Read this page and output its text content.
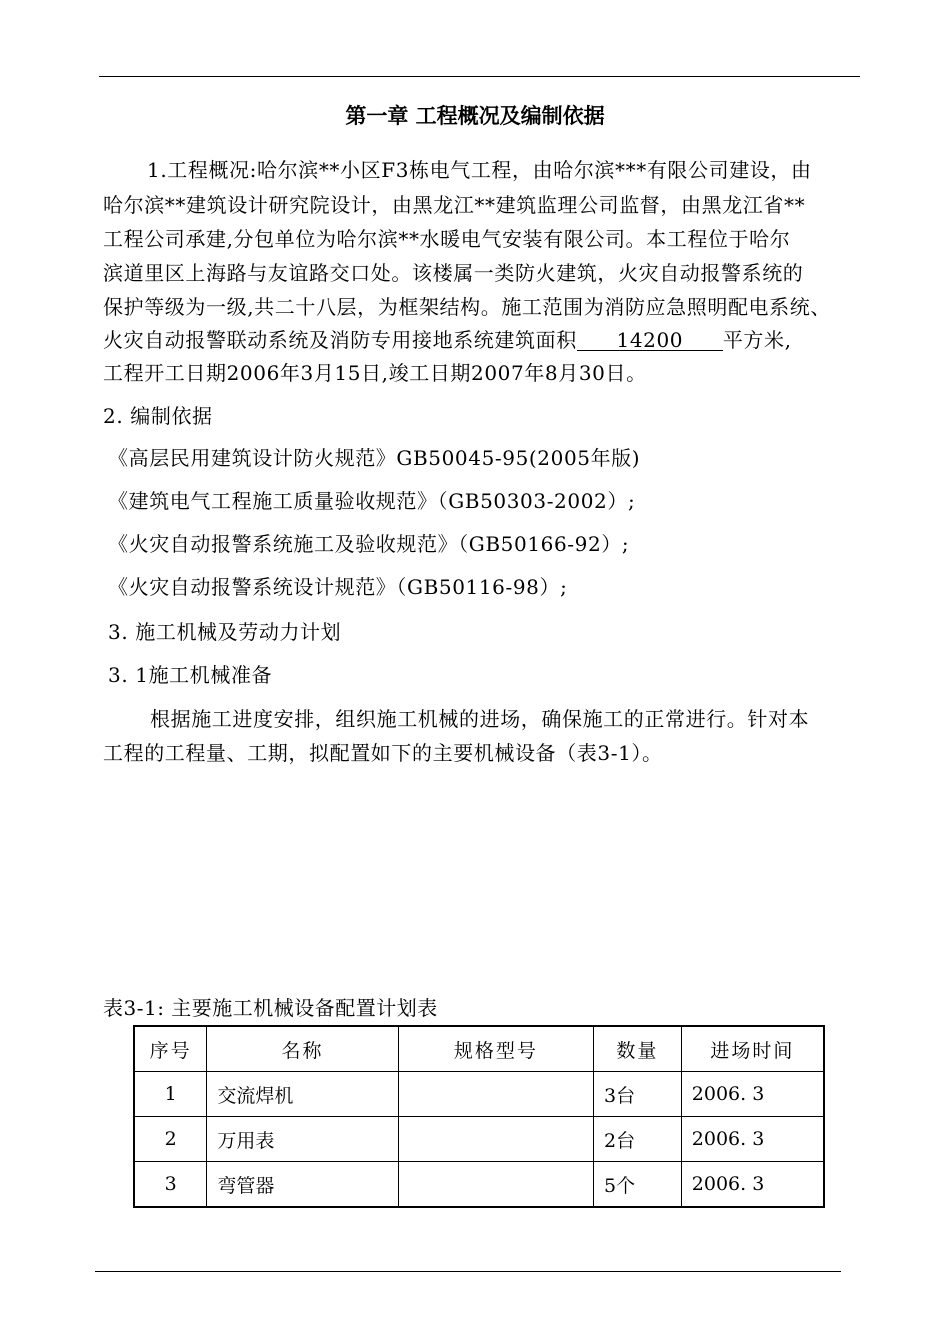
第一章 工程概况及编制依据
1.工程概况:哈尔滨**小区F3栋电气工程，由哈尔滨***有限公司建设，由
哈尔滨**建筑设计研究院设计，由黑龙江**建筑监理公司监督，由黑龙江省**
工程公司承建,分包单位为哈尔滨**水暖电气安装有限公司。本工程位于哈尔
滨道里区上海路与友谊路交口处。该楼属一类防火建筑，火灾自动报警系统的
保护等级为一级,共二十八层，为框架结构。施工范围为消防应急照明配电系统、
火灾自动报警联动系统及消防专用接地系统建筑面积 14200 平方米,
工程开工日期2006年3月15日,竣工日期2007年8月30日。
2. 编制依据
《高层民用建筑设计防火规范》GB50045-95(2005年版)
《建筑电气工程施工质量验收规范》（GB50303-2002）;
《火灾自动报警系统施工及验收规范》（GB50166-92）;
《火灾自动报警系统设计规范》（GB50116-98）;
3. 施工机械及劳动力计划
3. 1施工机械准备
根据施工进度安排，组织施工机械的进场，确保施工的正常进行。针对本
工程的工程量、工期，拟配置如下的主要机械设备（表3-1）。
表3-1: 主要施工机械设备配置计划表
序号	名称	规格型号	数量	进场时间
1	交流焊机		3台	2006. 3
2	万用表		2台	2006. 3
3	弯管器		5个	2006. 3
